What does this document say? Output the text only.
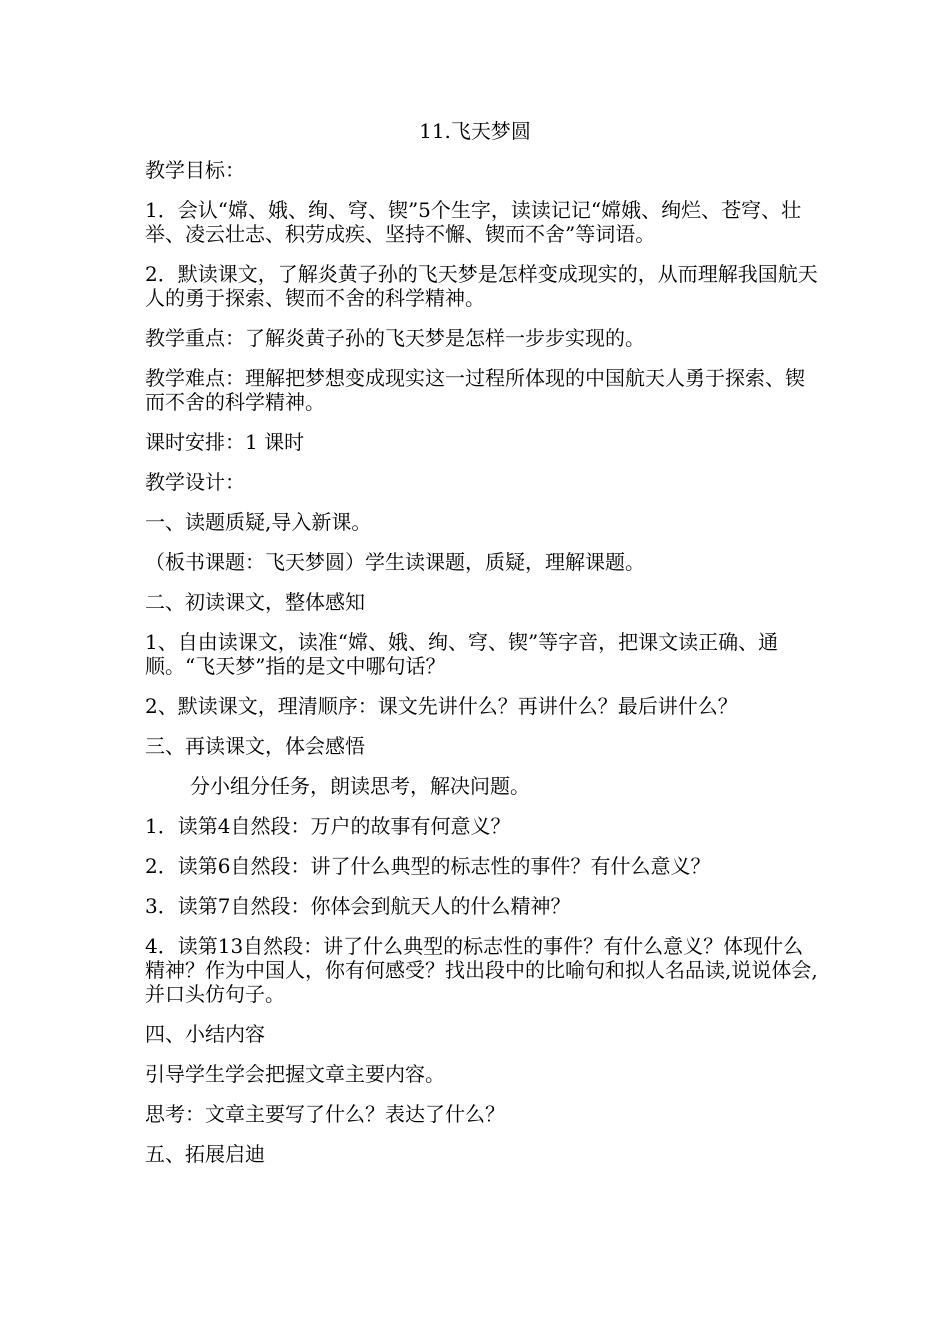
11.飞天梦圆

教学目标：

1．会认“嫦、娥、绚、穹、锲”5个生字，读读记记“嫦娥、绚烂、苍穹、壮举、凌云壮志、积劳成疾、坚持不懈、锲而不舍”等词语。

2．默读课文，了解炎黄子孙的飞天梦是怎样变成现实的，从而理解我国航天人的勇于探索、锲而不舍的科学精神。

教学重点：了解炎黄子孙的飞天梦是怎样一步步实现的。

教学难点：理解把梦想变成现实这一过程所体现的中国航天人勇于探索、锲而不舍的科学精神。

课时安排：1 课时

教学设计：

一、读题质疑,导入新课。

（板书课题：飞天梦圆）学生读课题，质疑，理解课题。

二、初读课文，整体感知

1、自由读课文，读准“嫦、娥、绚、穹、锲”等字音，把课文读正确、通顺。“飞天梦”指的是文中哪句话？

2、默读课文，理清顺序：课文先讲什么？再讲什么？最后讲什么？

三、再读课文，体会感悟

分小组分任务，朗读思考，解决问题。

1．读第4自然段：万户的故事有何意义？

2．读第6自然段：讲了什么典型的标志性的事件？有什么意义？

3．读第7自然段：你体会到航天人的什么精神？

4．读第13自然段：讲了什么典型的标志性的事件？有什么意义？体现什么精神？作为中国人，你有何感受？找出段中的比喻句和拟人名品读,说说体会,并口头仿句子。

四、小结内容

引导学生学会把握文章主要内容。

思考：文章主要写了什么？表达了什么？

五、拓展启迪
